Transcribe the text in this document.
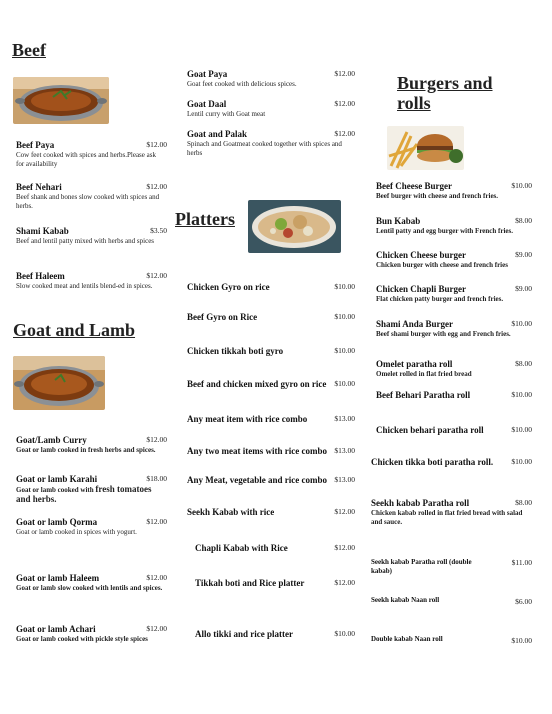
Beef
Beef Paya
Cow feet cooked with spices and herbs.Please ask for availability
$12.00
Beef Nehari
Beef shank and bones slow cooked with spices and herbs.
$12.00
Shami Kabab
Beef and lentil patty mixed with herbs and spices
$3.50
Beef Haleem
Slow cooked meat and lentils blend-ed in spices.
$12.00
Goat and Lamb
Goat/Lamb Curry
Goat or lamb cooked in fresh herbs and spices.
$12.00
Goat or lamb Karahi
Goat or lamb cooked with fresh tomatoes and herbs.
$18.00
Goat or lamb Qorma
Goat or lamb cooked in spices with yogurt.
$12.00
Goat or lamb Haleem
Goat or lamb slow cooked with lentils and spices.
$12.00
Goat or lamb Achari
Goat or lamb cooked with pickle style spices
$12.00
Goat Paya
Goat feet cooked with delicious spices.
$12.00
Goat Daal
Lentil curry with Goat meat
$12.00
Goat and Palak
Spinach and Goatmeat cooked together with spices and herbs
$12.00
Platters
Chicken Gyro on rice	$10.00
Beef Gyro on Rice	$10.00
Chicken tikkah boti gyro	$10.00
Beef and chicken mixed gyro on rice	$10.00
Any meat item with rice combo	$13.00
Any two meat items with rice combo $13.00
Any Meat, vegetable and rice combo $13.00
Seekh Kabab with rice	$12.00
Chapli Kabab with Rice	$12.00
Tikkah boti and Rice platter	$12.00
Allo tikki and rice platter	$10.00
Burgers and rolls
Beef Cheese Burger
Beef burger with cheese and french fries.
$10.00
Bun Kabab
Lentil patty and egg burger with French fries.
$8.00
Chicken Cheese burger
Chicken burger with cheese and french fries
$9.00
Chicken Chapli Burger
Flat chicken patty burger and french fries.
$9.00
Shami Anda Burger
Beef shami burger with egg and French fries.
$10.00
Omelet paratha roll
Omelet rolled in flat fried bread
$8.00
Beef Behari Paratha roll	$10.00
Chicken behari paratha roll	$10.00
Chicken tikka boti paratha roll.	$10.00
Seekh kabab Paratha roll
Chicken kabab rolled in flat fried bread with salad and sauce.
$8.00
Seekh kabab Paratha roll (double kabab)
$11.00
Seekh kabab Naan roll	$6.00
Double kabab Naan roll	$10.00
